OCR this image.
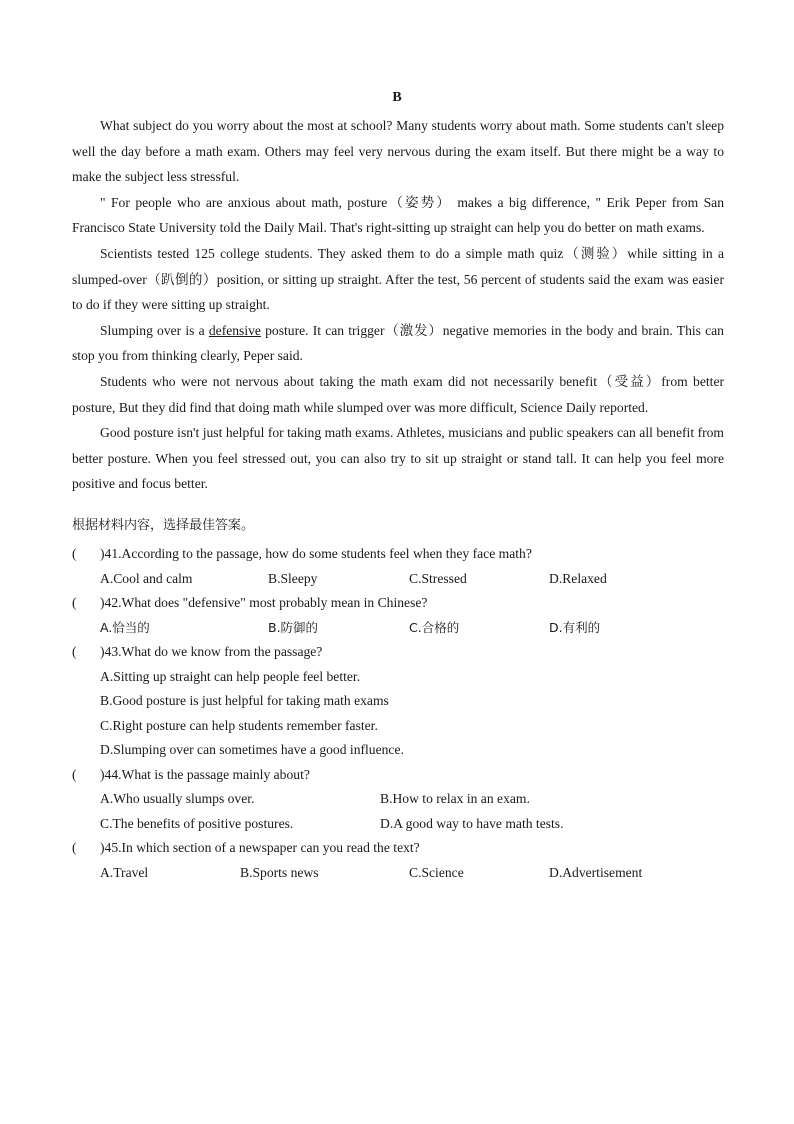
B

What subject do you worry about the most at school? Many students worry about math. Some students can't sleep well the day before a math exam. Others may feel very nervous during the exam itself. But there might be a way to make the subject less stressful.

" For people who are anxious about math, posture（姿势） makes a big difference, " Erik Peper from San Francisco State University told the Daily Mail. That's right-sitting up straight can help you do better on math exams.

Scientists tested 125 college students. They asked them to do a simple math quiz（测验）while sitting in a slumped-over（趴倒的）position, or sitting up straight. After the test, 56 percent of students said the exam was easier to do if they were sitting up straight.

Slumping over is a defensive posture. It can trigger（激发）negative memories in the body and brain. This can stop you from thinking clearly, Peper said.

Students who were not nervous about taking the math exam did not necessarily benefit（受益）from better posture, But they did find that doing math while slumped over was more difficult, Science Daily reported.

Good posture isn't just helpful for taking math exams. Athletes, musicians and public speakers can all benefit from better posture. When you feel stressed out, you can also try to sit up straight or stand tall. It can help you feel more positive and focus better.

根据材料内容，选择最佳答案。
( )41.According to the passage, how do some students feel when they face math?
A.Cool and calm	B.Sleepy	C.Stressed	D.Relaxed
( )42.What does "defensive" most probably mean in Chinese?
A.恰当的	B.防御的	C.合格的	D.有利的
( )43.What do we know from the passage?
A.Sitting up straight can help people feel better.
B.Good posture is just helpful for taking math exams
C.Right posture can help students remember faster.
D.Slumping over can sometimes have a good influence.
( )44.What is the passage mainly about?
A.Who usually slumps over.	B.How to relax in an exam.
C.The benefits of positive postures.	D.A good way to have math tests.
( )45.In which section of a newspaper can you read the text?
A.Travel	B.Sports news	C.Science	D.Advertisement
